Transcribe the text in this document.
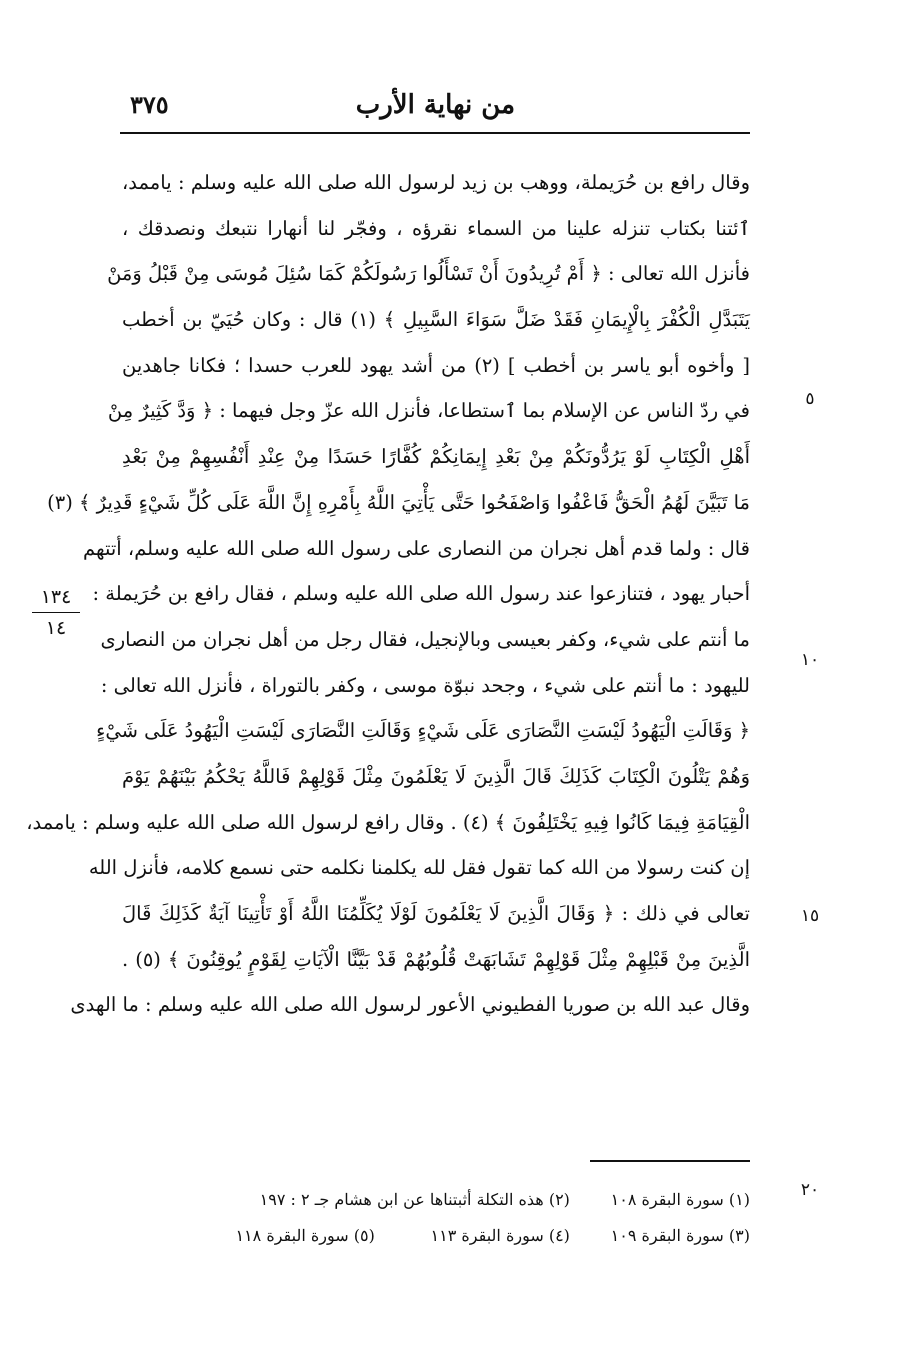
من نهاية الأرب
٣٧٥
١٣٤
١٤
٥
١٠
١٥
٢٠
وقال رافع بن حُرَيملة، ووهب بن زيد لرسول الله صلى الله عليه وسلم : ياممد،
ٱئتنا بكتاب تنزله علينا من السماء نقرؤه ، وفجّر لنا أنهارا نتبعك ونصدقك ،
فأنزل الله تعالى : ﴿ أَمْ تُرِيدُونَ أَنْ تَسْأَلُوا رَسُولَكُمْ كَمَا سُئِلَ مُوسَى مِنْ قَبْلُ وَمَنْ
يَتَبَدَّلِ الْكُفْرَ بِالْإِيمَانِ فَقَدْ ضَلَّ سَوَاءَ السَّبِيلِ ﴾ (١) قال : وكان حُيَيّ بن أخطب
[ وأخوه أبو ياسر بن أخطب ] (٢) من أشد يهود للعرب حسدا ؛ فكانا جاهدين
في ردّ الناس عن الإسلام بما ٱستطاعا، فأنزل الله عزّ وجل فيهما : ﴿ وَدَّ كَثِيرٌ مِنْ
أَهْلِ الْكِتَابِ لَوْ يَرُدُّونَكُمْ مِنْ بَعْدِ إِيمَانِكُمْ كُفَّارًا حَسَدًا مِنْ عِنْدِ أَنْفُسِهِمْ مِنْ بَعْدِ
مَا تَبَيَّنَ لَهُمُ الْحَقُّ فَاعْفُوا وَاصْفَحُوا حَتَّى يَأْتِيَ اللَّهُ بِأَمْرِهِ إِنَّ اللَّهَ عَلَى كُلِّ شَيْءٍ قَدِيرٌ ﴾ (٣)
قال : ولما قدم أهل نجران من النصارى على رسول الله صلى الله عليه وسلم، أتتهم
أحبار يهود ، فتنازعوا عند رسول الله صلى الله عليه وسلم ، فقال رافع بن حُرَيملة :
ما أنتم على شيء، وكفر بعيسى وبالإنجيل، فقال رجل من أهل نجران من النصارى
لليهود : ما أنتم على شيء ، وجحد نبوّة موسى ، وكفر بالتوراة ، فأنزل الله تعالى :
﴿ وَقَالَتِ الْيَهُودُ لَيْسَتِ النَّصَارَى عَلَى شَيْءٍ وَقَالَتِ النَّصَارَى لَيْسَتِ الْيَهُودُ عَلَى شَيْءٍ
وَهُمْ يَتْلُونَ الْكِتَابَ كَذَلِكَ قَالَ الَّذِينَ لَا يَعْلَمُونَ مِثْلَ قَوْلِهِمْ فَاللَّهُ يَحْكُمُ بَيْنَهُمْ يَوْمَ
الْقِيَامَةِ فِيمَا كَانُوا فِيهِ يَخْتَلِفُونَ ﴾ (٤) . وقال رافع لرسول الله صلى الله عليه وسلم : ياممد،
إن كنت رسولا من الله كما تقول فقل لله يكلمنا نكلمه حتى نسمع كلامه، فأنزل الله
تعالى في ذلك : ﴿ وَقَالَ الَّذِينَ لَا يَعْلَمُونَ لَوْلَا يُكَلِّمُنَا اللَّهُ أَوْ تَأْتِينَا آيَةٌ كَذَلِكَ قَالَ
الَّذِينَ مِنْ قَبْلِهِمْ مِثْلَ قَوْلِهِمْ تَشَابَهَتْ قُلُوبُهُمْ قَدْ بَيَّنَّا الْآيَاتِ لِقَوْمٍ يُوقِنُونَ ﴾ (٥) .
وقال عبد الله بن صوريا الفطيوني الأعور لرسول الله صلى الله عليه وسلم : ما الهدى
(١) سورة البقرة ١٠٨ (٢) هذه التكلة أثبتناها عن ابن هشام جـ ٢ : ١٩٧
(٣) سورة البقرة ١٠٩ (٤) سورة البقرة ١١٣ (٥) سورة البقرة ١١٨
